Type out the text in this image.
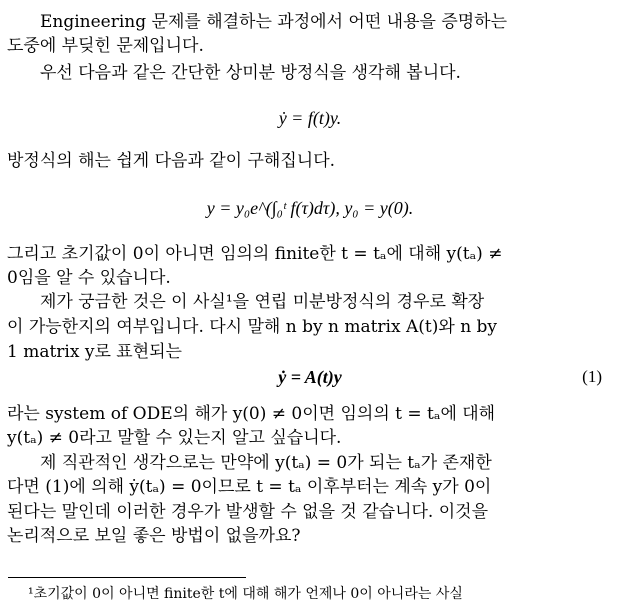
Engineering 문제를 해결하는 과정에서 어떤 내용을 증명하는
도중에 부딪힌 문제입니다.
우선 다음과 같은 간단한 상미분 방정식을 생각해 봅니다.
ẏ = f(t)y.
방정식의 해는 쉽게 다음과 같이 구해집니다.
y = y₀e^(∫₀ᵗ f(τ)dτ), y₀ = y(0).
그리고 초기값이 0이 아니면 임의의 finite한 t = tₐ에 대해 y(tₐ) ≠
0임을 알 수 있습니다.
제가 궁금한 것은 이 사실¹을 연립 미분방정식의 경우로 확장
이 가능한지의 여부입니다. 다시 말해 n by n matrix A(t)와 n by
1 matrix y로 표현되는
ẏ = A(t)y	(1)
라는 system of ODE의 해가 y(0) ≠ 0이면 임의의 t = tₐ에 대해
y(tₐ) ≠ 0라고 말할 수 있는지 알고 싶습니다.
제 직관적인 생각으로는 만약에 y(tₐ) = 0가 되는 tₐ가 존재한
다면 (1)에 의해 ẏ(tₐ) = 0이므로 t = tₐ 이후부터는 계속 y가 0이
된다는 말인데 이러한 경우가 발생할 수 없을 것 같습니다. 이것을
논리적으로 보일 좋은 방법이 없을까요?
¹초기값이 0이 아니면 finite한 t에 대해 해가 언제나 0이 아니라는 사실
